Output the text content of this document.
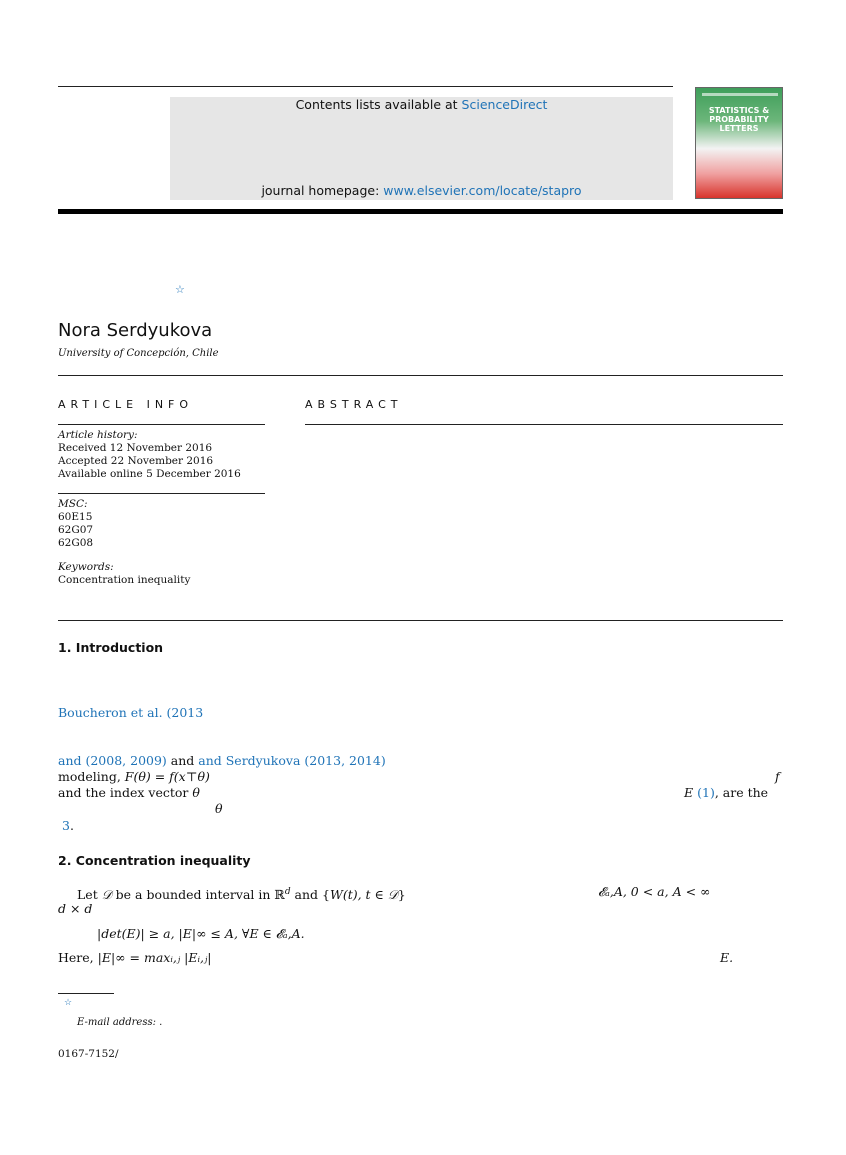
Contents lists available at ScienceDirect
journal homepage: www.elsevier.com/locate/stapro
STATISTICS &
PROBABILITY
LETTERS
☆
Nora Serdyukova
University of Concepción, Chile
ARTICLE INFO
Article history:
Received 12 November 2016
Accepted 22 November 2016
Available online 5 December 2016
MSC:
60E15
62G07
62G08
Keywords:
Concentration inequality
ABSTRACT
1. Introduction
Boucheron et al. (2013
and (2008, 2009) and and Serdyukova (2013, 2014)
modeling, F(θ) = f(x⊤θ)	f
and the index vector θ	E (1), are the
θ
3.
2. Concentration inequality
Let 𝒟 be a bounded interval in ℝ$^d$ and {W(t), t ∈ 𝒟}	𝓔ₐ,A, 0 < a, A < ∞
d × d
|det(E)| ≥ a, |E|∞ ≤ A, ∀E ∈ 𝓔ₐ,A.
Here, |E|∞ = maxᵢ,ⱼ |Eᵢ,ⱼ|	E.
☆
E-mail address: .
0167-7152/
